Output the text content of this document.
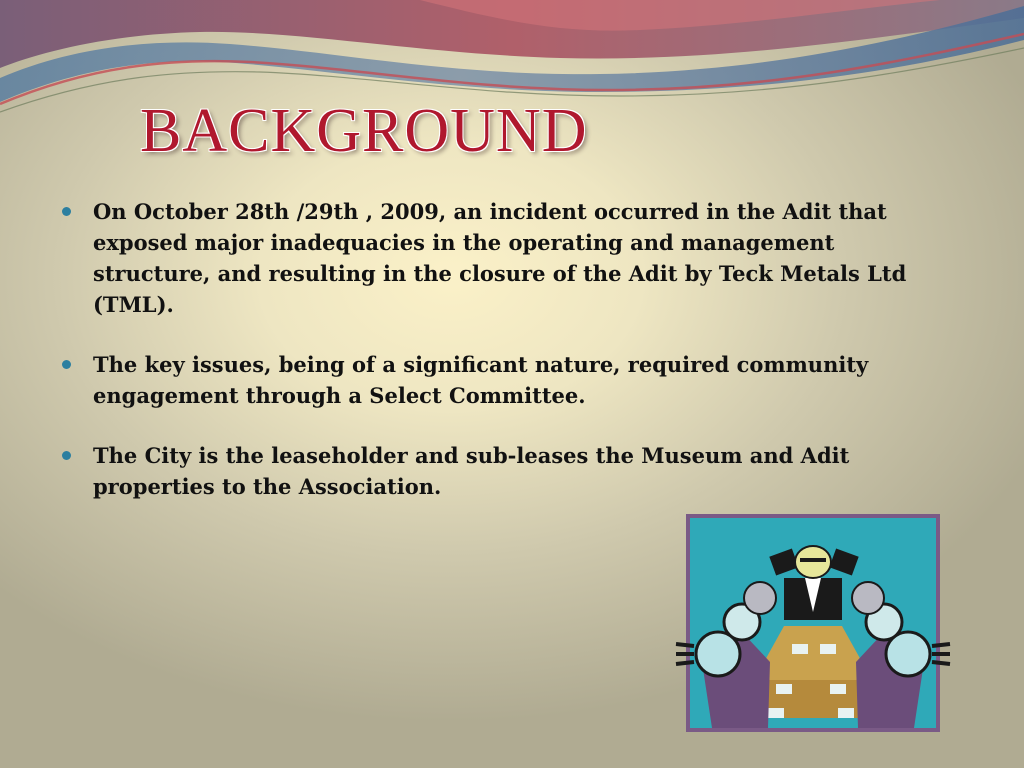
BACKGROUND
On October 28th /29th , 2009, an incident occurred in the Adit that exposed major inadequacies in the operating and management structure, and resulting in the closure of the Adit by Teck Metals Ltd (TML).
The key issues, being of a significant nature, required community engagement through a Select Committee.
The City is the leaseholder and sub-leases the Museum and Adit properties to the Association.
